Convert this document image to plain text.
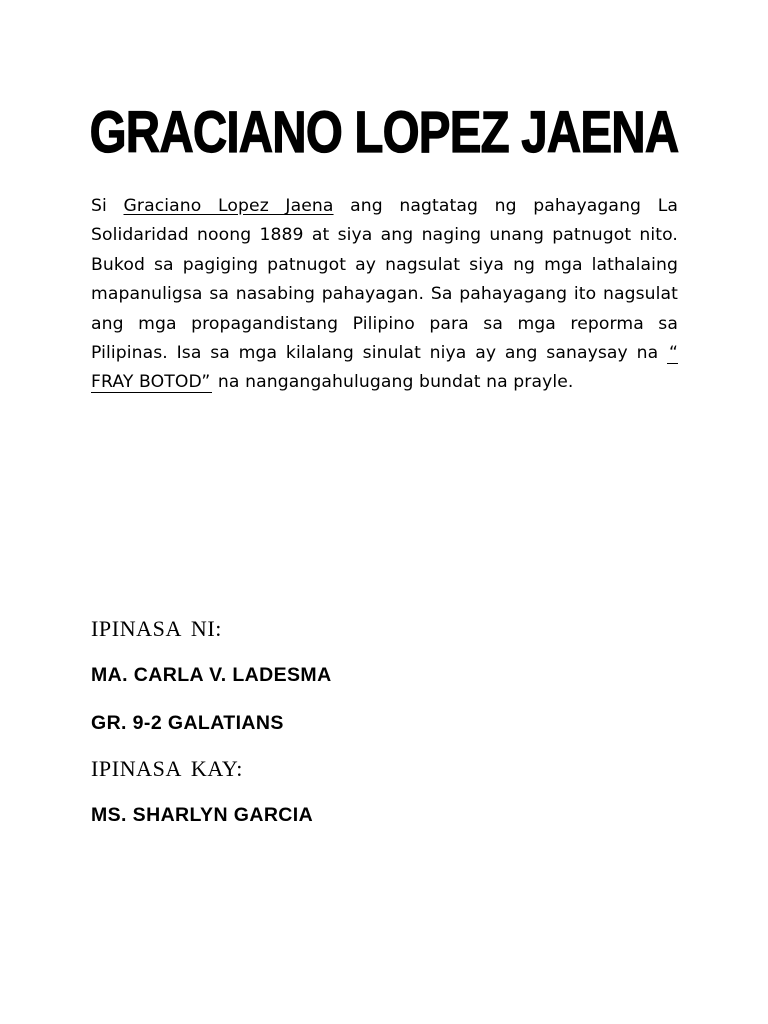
GRACIANO LOPEZ JAENA

Si Graciano Lopez Jaena ang nagtatag ng pahayagang La Solidaridad noong 1889 at siya ang naging unang patnugot nito. Bukod sa pagiging patnugot ay nagsulat siya ng mga lathalaing mapanuligsa sa nasabing pahayagan. Sa pahayagang ito nagsulat ang mga propagandistang Pilipino para sa mga reporma sa Pilipinas. Isa sa mga kilalang sinulat niya ay ang sanaysay na “ FRAY BOTOD” na nangangahulugang bundat na prayle.

IPINASA NI:
MA. CARLA V. LADESMA
GR. 9-2 GALATIANS
IPINASA KAY:
MS. SHARLYN GARCIA
